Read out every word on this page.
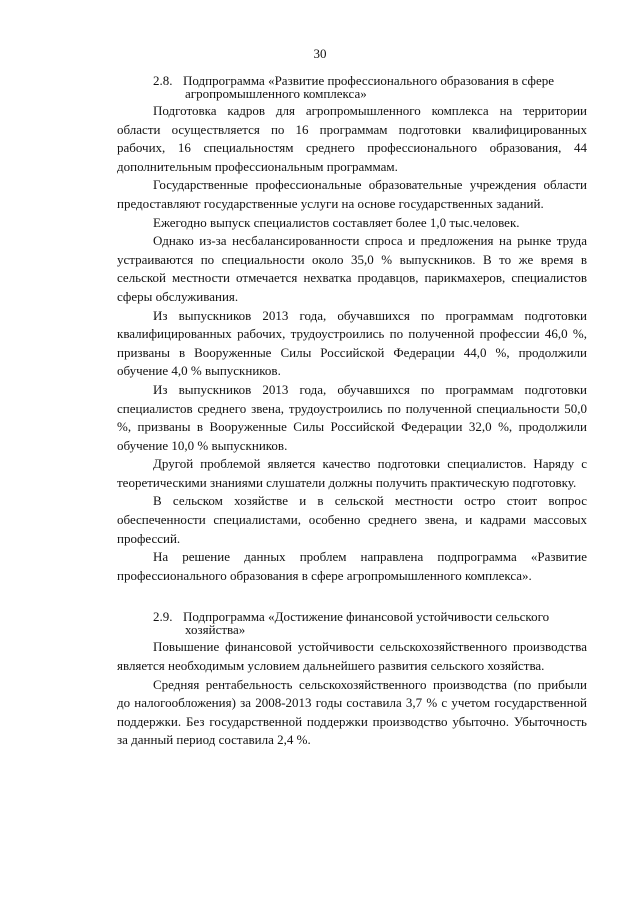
30
2.8. Подпрограмма «Развитие профессионального образования в сфере
агропромышленного комплекса»

Подготовка кадров для агропромышленного комплекса на территории области осуществляется по 16 программам подготовки квалифицированных рабочих, 16 специальностям среднего профессионального образования, 44 дополнительным профессиональным программам.

Государственные профессиональные образовательные учреждения области предоставляют государственные услуги на основе государственных заданий.

Ежегодно выпуск специалистов составляет более 1,0 тыс.человек.

Однако из-за несбалансированности спроса и предложения на рынке труда устраиваются по специальности около 35,0 % выпускников. В то же время в сельской местности отмечается нехватка продавцов, парикмахеров, специалистов сферы обслуживания.

Из выпускников 2013 года, обучавшихся по программам подготовки квалифицированных рабочих, трудоустроились по полученной профессии 46,0 %, призваны в Вооруженные Силы Российской Федерации 44,0 %, продолжили обучение 4,0 % выпускников.

Из выпускников 2013 года, обучавшихся по программам подготовки специалистов среднего звена, трудоустроились по полученной специальности 50,0 %, призваны в Вооруженные Силы Российской Федерации 32,0 %, продолжили обучение 10,0 % выпускников.

Другой проблемой является качество подготовки специалистов. Наряду с теоретическими знаниями слушатели должны получить практическую подготовку.

В сельском хозяйстве и в сельской местности остро стоит вопрос обеспеченности специалистами, особенно среднего звена, и кадрами массовых профессий.

На решение данных проблем направлена подпрограмма «Развитие профессионального образования в сфере агропромышленного комплекса».

2.9. Подпрограмма «Достижение финансовой устойчивости сельского
хозяйства»

Повышение финансовой устойчивости сельскохозяйственного производства является необходимым условием дальнейшего развития сельского хозяйства.

Средняя рентабельность сельскохозяйственного производства (по прибыли до налогообложения) за 2008-2013 годы составила 3,7 % с учетом государственной поддержки. Без государственной поддержки производство убыточно. Убыточность за данный период составила 2,4 %.
